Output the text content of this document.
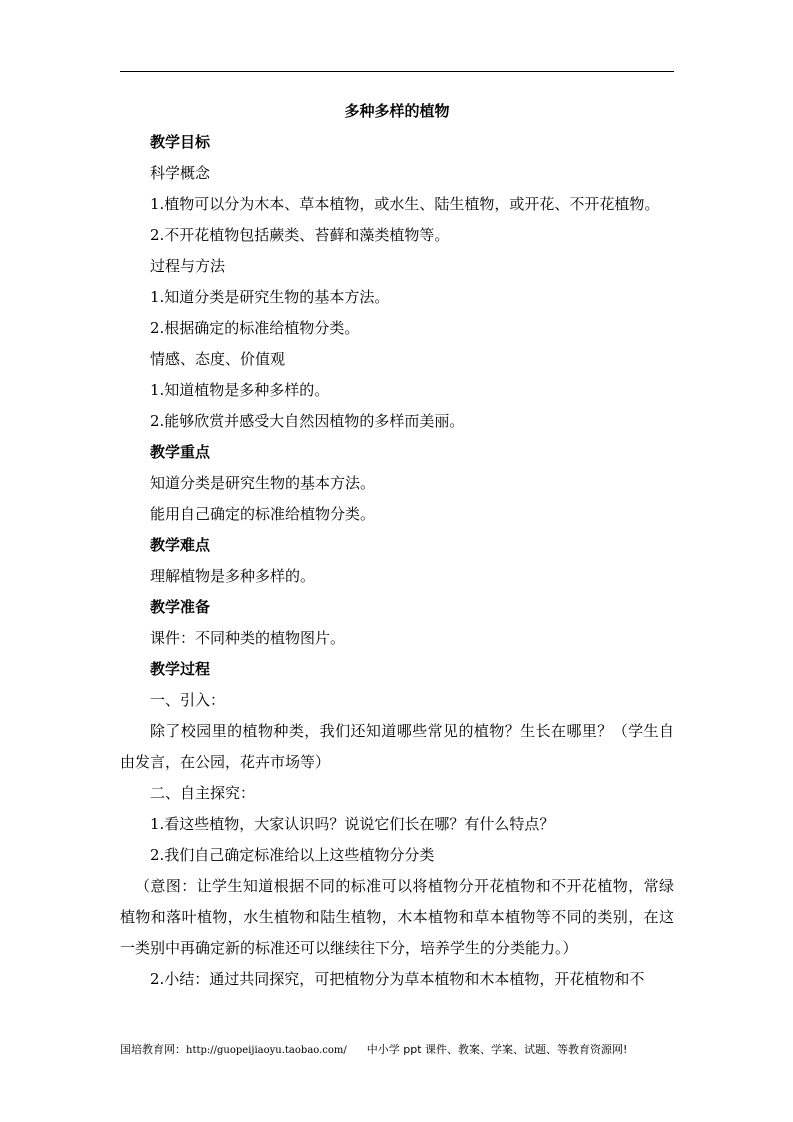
多种多样的植物

教学目标

科学概念

1.植物可以分为木本、草本植物，或水生、陆生植物，或开花、不开花植物。

2.不开花植物包括蕨类、苔藓和藻类植物等。

过程与方法

1.知道分类是研究生物的基本方法。

2.根据确定的标准给植物分类。

情感、态度、价值观

1.知道植物是多种多样的。

2.能够欣赏并感受大自然因植物的多样而美丽。

教学重点

知道分类是研究生物的基本方法。

能用自己确定的标准给植物分类。

教学难点

理解植物是多种多样的。

教学准备

课件：不同种类的植物图片。

教学过程

一、引入：

除了校园里的植物种类，我们还知道哪些常见的植物？生长在哪里？（学生自由发言，在公园，花卉市场等）

二、自主探究：

1.看这些植物，大家认识吗？说说它们长在哪？有什么特点？

2.我们自己确定标准给以上这些植物分分类

（意图：让学生知道根据不同的标准可以将植物分开花植物和不开花植物，常绿植物和落叶植物，水生植物和陆生植物，木本植物和草本植物等不同的类别，在这一类别中再确定新的标准还可以继续往下分，培养学生的分类能力。）

2.小结：通过共同探究，可把植物分为草本植物和木本植物，开花植物和不

国培教育网：http://guopeijiaoyu.taobao.com/ 中小学 ppt 课件、教案、学案、试题、等教育资源网!
